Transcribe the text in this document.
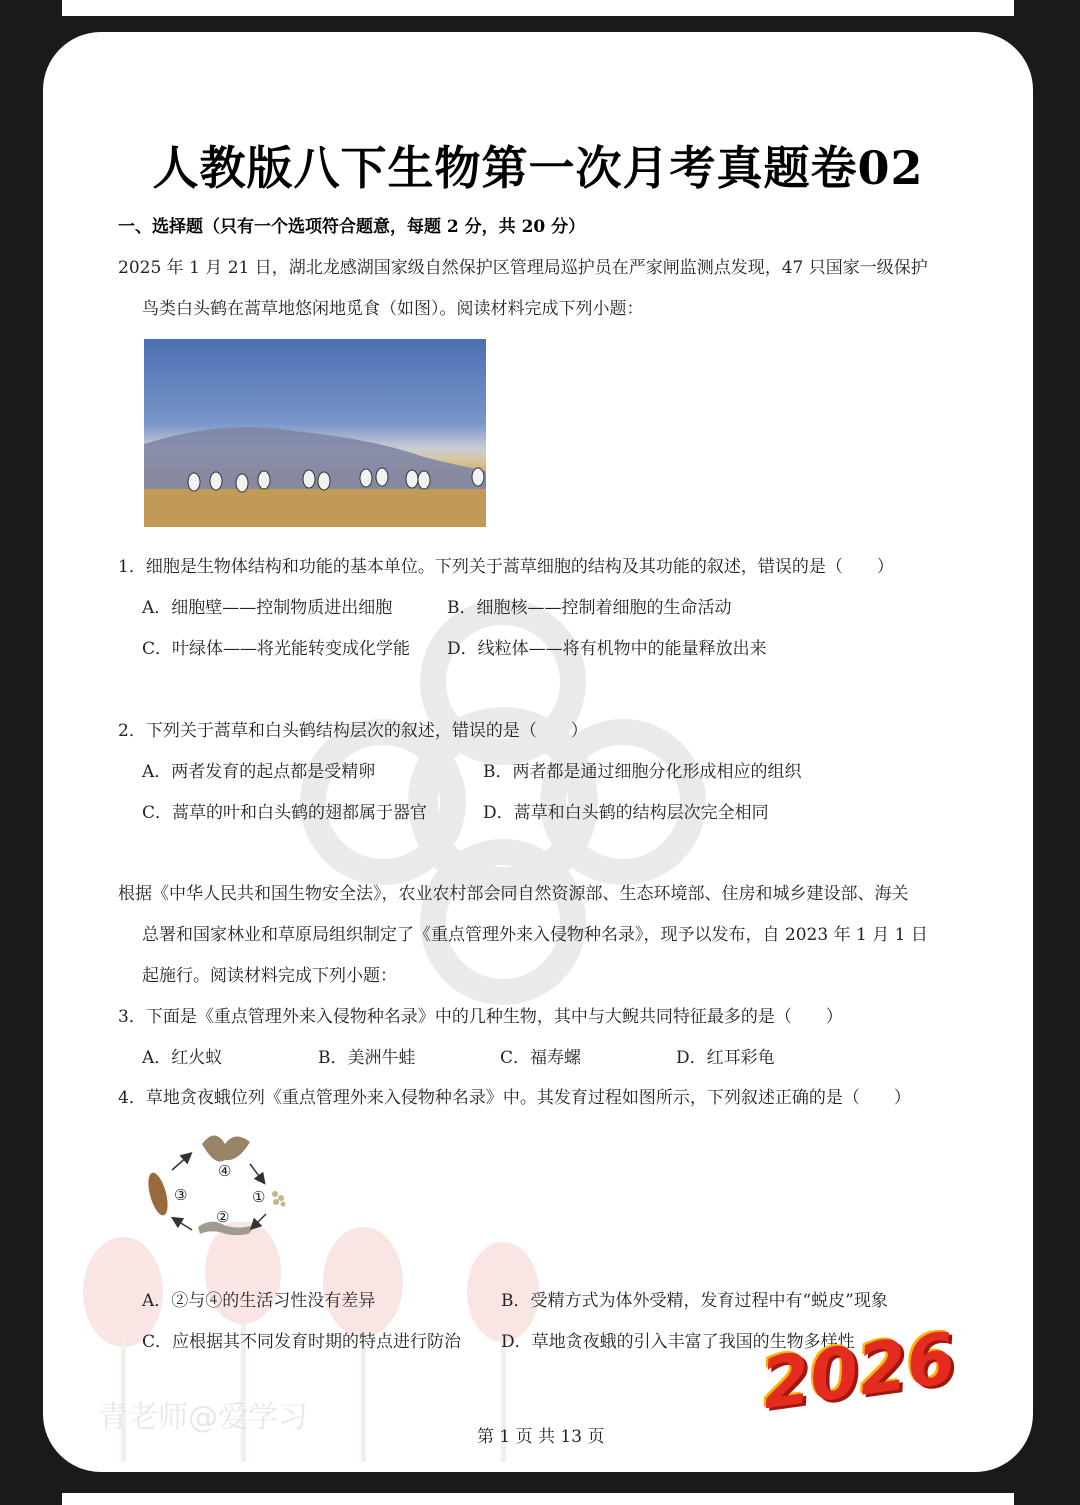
人教版八下生物第一次月考真题卷02
一、选择题（只有一个选项符合题意，每题 2 分，共 20 分）
2025 年 1 月 21 日，湖北龙感湖国家级自然保护区管理局巡护员在严家闸监测点发现，47 只国家一级保护
鸟类白头鹤在蒿草地悠闲地觅食（如图）。阅读材料完成下列小题：
1．细胞是生物体结构和功能的基本单位。下列关于蒿草细胞的结构及其功能的叙述，错误的是（　　）
A．细胞壁——控制物质进出细胞	B．细胞核——控制着细胞的生命活动
C．叶绿体——将光能转变成化学能 D．线粒体——将有机物中的能量释放出来
2．下列关于蒿草和白头鹤结构层次的叙述，错误的是（　　）
A．两者发育的起点都是受精卵	B．两者都是通过细胞分化形成相应的组织
C．蒿草的叶和白头鹤的翅都属于器官	D．蒿草和白头鹤的结构层次完全相同
根据《中华人民共和国生物安全法》，农业农村部会同自然资源部、生态环境部、住房和城乡建设部、海关
总署和国家林业和草原局组织制定了《重点管理外来入侵物种名录》，现予以发布，自 2023 年 1 月 1 日
起施行。阅读材料完成下列小题：
3．下面是《重点管理外来入侵物种名录》中的几种生物，其中与大鲵共同特征最多的是（　　）
A．红火蚁	B．美洲牛蛙	C．福寿螺	D．红耳彩龟
4．草地贪夜蛾位列《重点管理外来入侵物种名录》中。其发育过程如图所示，下列叙述正确的是（　　）
④
①
②
③
A．②与④的生活习性没有差异	B．受精方式为体外受精，发育过程中有“蜕皮”现象
C．应根据其不同发育时期的特点进行防治 D．草地贪夜蛾的引入丰富了我国的生物多样性
青老师@爱学习	2026
第 1 页 共 13 页
